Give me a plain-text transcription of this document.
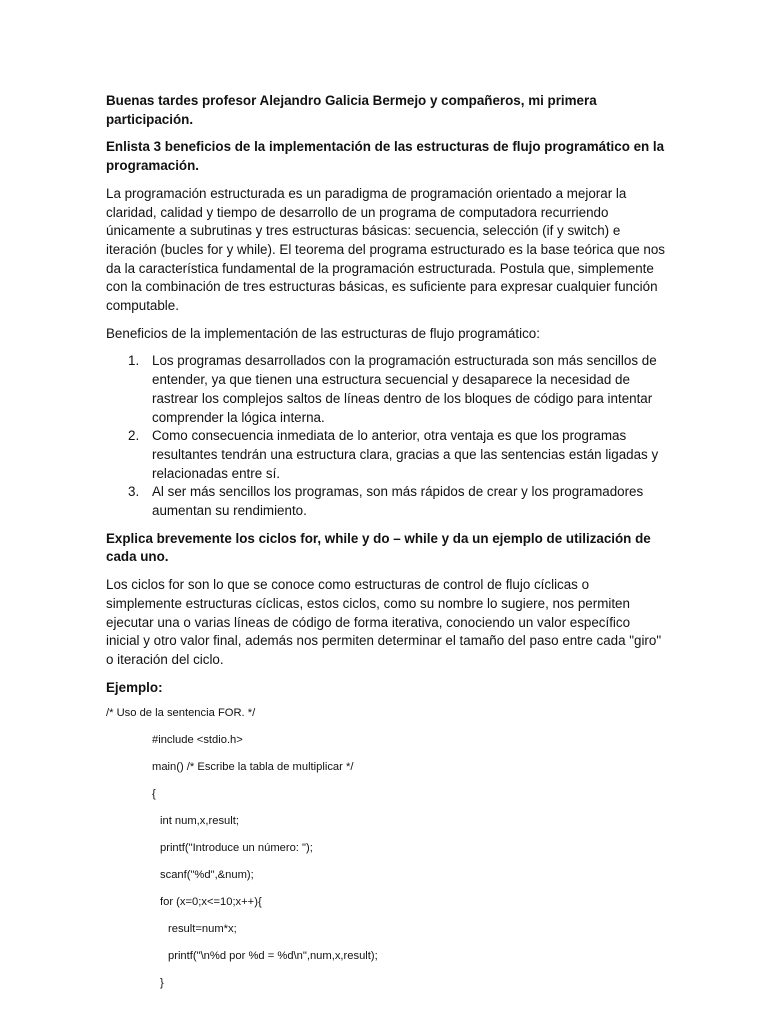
Buenas tardes profesor Alejandro Galicia Bermejo y compañeros, mi primera participación.

Enlista 3 beneficios de la implementación de las estructuras de flujo programático en la programación.

La programación estructurada es un paradigma de programación orientado a mejorar la claridad, calidad y tiempo de desarrollo de un programa de computadora recurriendo únicamente a subrutinas y tres estructuras básicas: secuencia, selección (if y switch) e iteración (bucles for y while). El teorema del programa estructurado es la base teórica que nos da la característica fundamental de la programación estructurada. Postula que, simplemente con la combinación de tres estructuras básicas, es suficiente para expresar cualquier función computable.

Beneficios de la implementación de las estructuras de flujo programático:

1. Los programas desarrollados con la programación estructurada son más sencillos de entender, ya que tienen una estructura secuencial y desaparece la necesidad de rastrear los complejos saltos de líneas dentro de los bloques de código para intentar comprender la lógica interna.
2. Como consecuencia inmediata de lo anterior, otra ventaja es que los programas resultantes tendrán una estructura clara, gracias a que las sentencias están ligadas y relacionadas entre sí.
3. Al ser más sencillos los programas, son más rápidos de crear y los programadores aumentan su rendimiento.

Explica brevemente los ciclos for, while y do – while y da un ejemplo de utilización de cada uno.

Los ciclos for son lo que se conoce como estructuras de control de flujo cíclicas o simplemente estructuras cíclicas, estos ciclos, como su nombre lo sugiere, nos permiten ejecutar una o varias líneas de código de forma iterativa, conociendo un valor específico inicial y otro valor final, además nos permiten determinar el tamaño del paso entre cada "giro" o iteración del ciclo.

Ejemplo:

/* Uso de la sentencia FOR. */

#include <stdio.h>

main() /* Escribe la tabla de multiplicar */

{

int num,x,result;

printf("Introduce un número: ");

scanf("%d",&num);

for (x=0;x<=10;x++){

result=num*x;

printf("\n%d por %d = %d\n",num,x,result);

}
